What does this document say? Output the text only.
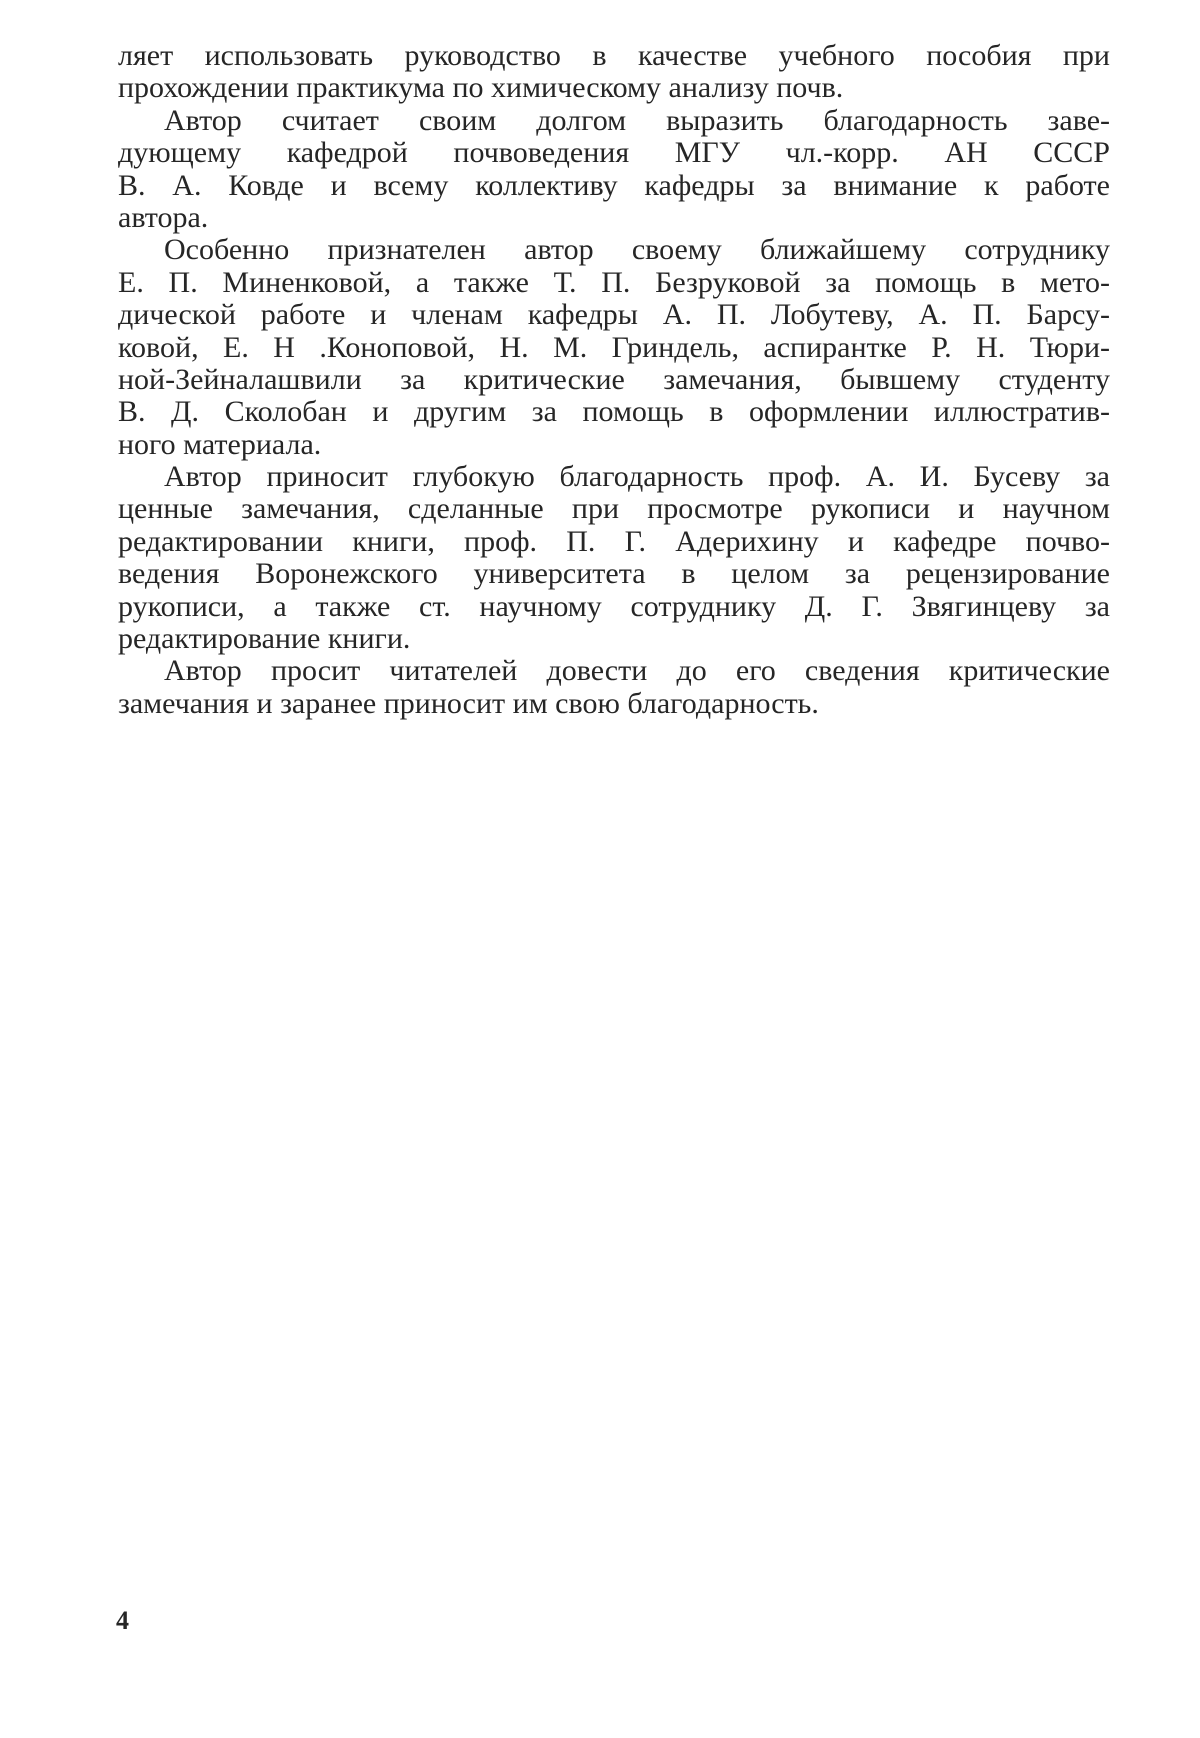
ляет использовать руководство в качестве учебного пособия при
прохождении практикума по химическому анализу почв.

Автор считает своим долгом выразить благодарность заве-
дующему кафедрой почвоведения МГУ чл.-корр. АН СССР
В. А. Ковде и всему коллективу кафедры за внимание к работе
автора.

Особенно признателен автор своему ближайшему сотруднику
Е. П. Миненковой, а также Т. П. Безруковой за помощь в мето-
дической работе и членам кафедры А. П. Лобутеву, А. П. Барсу-
ковой, Е. Н .Коноповой, Н. М. Гриндель, аспирантке Р. Н. Тюри-
ной-Зейналашвили за критические замечания, бывшему студенту
В. Д. Сколобан и другим за помощь в оформлении иллюстратив-
ного материала.

Автор приносит глубокую благодарность проф. А. И. Бусеву за
ценные замечания, сделанные при просмотре рукописи и научном
редактировании книги, проф. П. Г. Адерихину и кафедре почво-
ведения Воронежского университета в целом за рецензирование
рукописи, а также ст. научному сотруднику Д. Г. Звягинцеву за
редактирование книги.

Автор просит читателей довести до его сведения критические
замечания и заранее приносит им свою благодарность.

4
